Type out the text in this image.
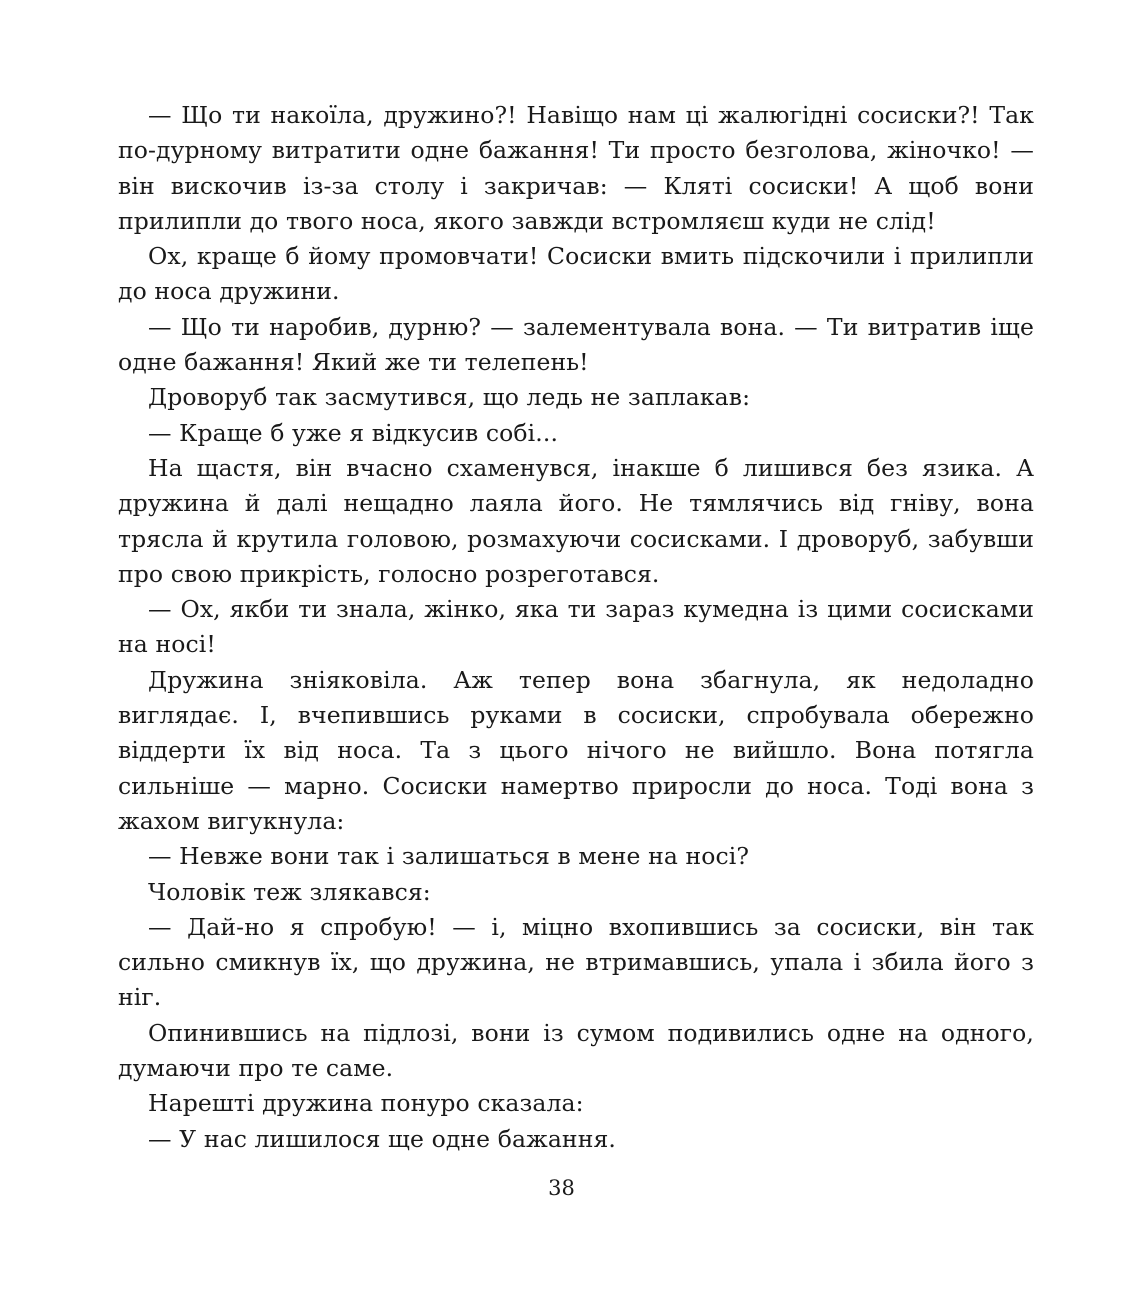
— Що ти накоїла, дружино?! Навіщо нам ці жалюгідні сосиски?! Так по-дурному витратити одне бажання! Ти просто безголова, жіночко! — він вискочив із-за столу і закричав: — Кляті сосиски! А щоб вони прилипли до твого носа, якого завжди встромляєш куди не слід!

Ох, краще б йому промовчати! Сосиски вмить підскочили і прилипли до носа дружини.

— Що ти наробив, дурню? — залементувала вона. — Ти витратив іще одне бажання! Який же ти телепень!

Дроворуб так засмутився, що ледь не заплакав:

— Краще б уже я відкусив собі...

На щастя, він вчасно схаменувся, інакше б лишився без язика. А дружина й далі нещадно лаяла його. Не тямлячись від гніву, вона трясла й крутила головою, розмахуючи сосисками. І дроворуб, забувши про свою прикрість, голосно розреготався.

— Ох, якби ти знала, жінко, яка ти зараз кумедна із цими сосисками на носі!

Дружина зніяковіла. Аж тепер вона збагнула, як недоладно виглядає. І, вчепившись руками в сосиски, спробувала обережно віддерти їх від носа. Та з цього нічого не вийшло. Вона потягла сильніше — марно. Сосиски намертво приросли до носа. Тоді вона з жахом вигукнула:

— Невже вони так і залишаться в мене на носі?

Чоловік теж злякався:

— Дай-но я спробую! — і, міцно вхопившись за сосиски, він так сильно смикнув їх, що дружина, не втримавшись, упала і збила його з ніг.

Опинившись на підлозі, вони із сумом подивились одне на одного, думаючи про те саме.

Нарешті дружина понуро сказала:

— У нас лишилося ще одне бажання.

38
